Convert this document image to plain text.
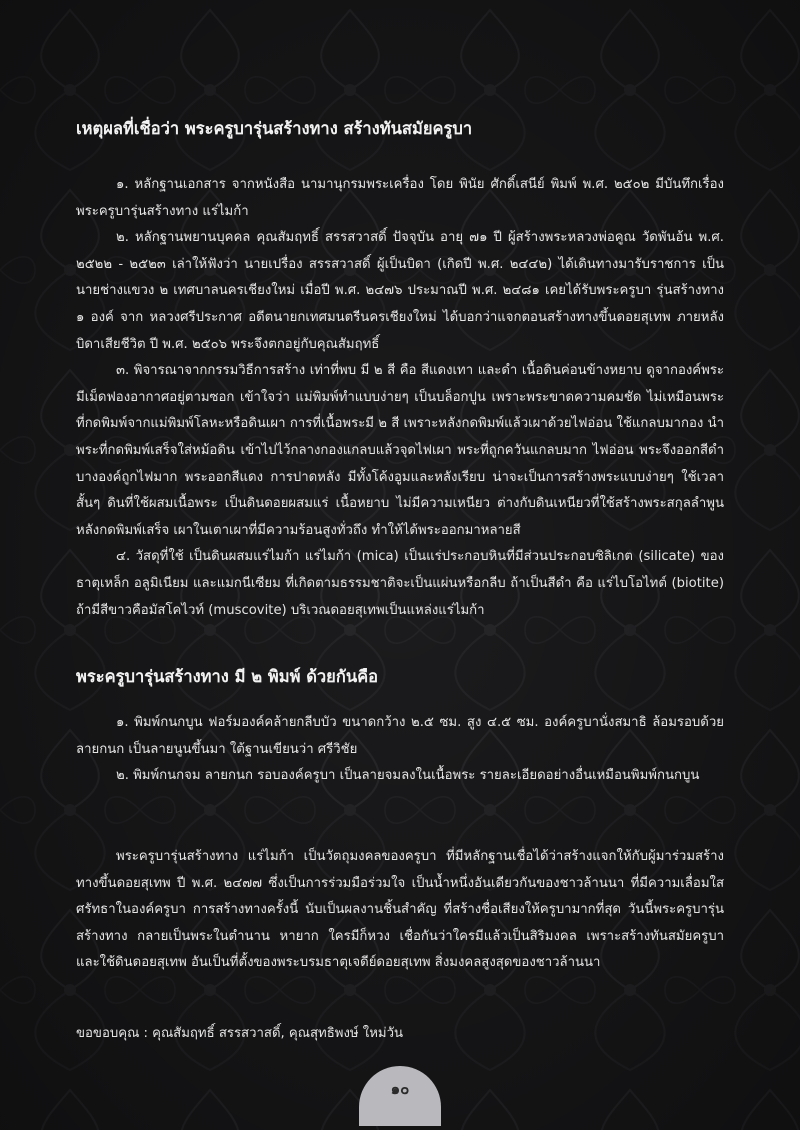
เหตุผลที่เชื่อว่า พระครูบารุ่นสร้างทาง สร้างทันสมัยครูบา

๑. หลักฐานเอกสาร จากหนังสือ นามานุกรมพระเครื่อง โดย พินัย ศักดิ์เสนีย์ พิมพ์ พ.ศ. ๒๕๐๒ มีบันทึกเรื่อง พระครูบารุ่นสร้างทาง แร่ไมก้า

๒. หลักฐานพยานบุคคล คุณสัมฤทธิ์ สรรสวาสดิ์ ปัจจุบัน อายุ ๗๑ ปี ผู้สร้างพระหลวงพ่อคูณ วัดพันอ้น พ.ศ. ๒๕๒๒ - ๒๕๒๓ เล่าให้ฟังว่า นายเปรื่อง สรรสวาสดิ์ ผู้เป็นบิดา (เกิดปี พ.ศ. ๒๔๔๒) ได้เดินทางมารับราชการ เป็นนายช่างแขวง ๒ เทศบาลนครเชียงใหม่ เมื่อปี พ.ศ. ๒๔๗๖ ประมาณปี พ.ศ. ๒๔๘๑ เคยได้รับพระครูบา รุ่นสร้างทาง ๑ องค์ จาก หลวงศรีประกาศ อดีตนายกเทศมนตรีนครเชียงใหม่ ได้บอกว่าแจกตอนสร้างทางขึ้นดอยสุเทพ ภายหลังบิดาเสียชีวิต ปี พ.ศ. ๒๕๐๖ พระจึงตกอยู่กับคุณสัมฤทธิ์

๓. พิจารณาจากกรรมวิธีการสร้าง เท่าที่พบ มี ๒ สี คือ สีแดงเทา และดำ เนื้อดินค่อนข้างหยาบ ดูจากองค์พระ มีเม็ดฟองอากาศอยู่ตามซอก เข้าใจว่า แม่พิมพ์ทำแบบง่ายๆ เป็นบล็อกปูน เพราะพระขาดความคมชัด ไม่เหมือนพระที่กดพิมพ์จากแม่พิมพ์โลหะหรือดินเผา การที่เนื้อพระมี ๒ สี เพราะหลังกดพิมพ์แล้วเผาด้วยไฟอ่อน ใช้แกลบมากอง นำพระที่กดพิมพ์เสร็จใส่หม้อดิน เข้าไปไว้กลางกองแกลบแล้วจุดไฟเผา พระที่ถูกควันแกลบมาก ไฟอ่อน พระจึงออกสีดำ บางองค์ถูกไฟมาก พระออกสีแดง การปาดหลัง มีทั้งโค้งอูมและหลังเรียบ น่าจะเป็นการสร้างพระแบบง่ายๆ ใช้เวลาสั้นๆ ดินที่ใช้ผสมเนื้อพระ เป็นดินดอยผสมแร่ เนื้อหยาบ ไม่มีความเหนียว ต่างกับดินเหนียวที่ใช้สร้างพระสกุลลำพูน หลังกดพิมพ์เสร็จ เผาในเตาเผาที่มีความร้อนสูงทั่วถึง ทำให้ได้พระออกมาหลายสี

๔. วัสดุที่ใช้ เป็นดินผสมแร่ไมก้า แร่ไมก้า (mica) เป็นแร่ประกอบหินที่มีส่วนประกอบซิลิเกต (silicate) ของธาตุเหล็ก อลูมิเนียม และแมกนีเซียม ที่เกิดตามธรรมชาติจะเป็นแผ่นหรือกลีบ ถ้าเป็นสีดำ คือ แร่ไบโอไทต์ (biotite) ถ้ามีสีขาวคือมัสโคไวท์ (muscovite) บริเวณดอยสุเทพเป็นแหล่งแร่ไมก้า

พระครูบารุ่นสร้างทาง มี ๒ พิมพ์ ด้วยกันคือ

๑. พิมพ์กนกบูน ฟอร์มองค์คล้ายกลีบบัว ขนาดกว้าง ๒.๕ ซม. สูง ๔.๕ ซม. องค์ครูบานั่งสมาธิ ล้อมรอบด้วยลายกนก เป็นลายนูนขึ้นมา ใต้ฐานเขียนว่า ศรีวิชัย

๒. พิมพ์กนกจม ลายกนก รอบองค์ครูบา เป็นลายจมลงในเนื้อพระ รายละเอียดอย่างอื่นเหมือนพิมพ์กนกบูน

พระครูบารุ่นสร้างทาง แร่ไมก้า เป็นวัตถุมงคลของครูบา ที่มีหลักฐานเชื่อได้ว่าสร้างแจกให้กับผู้มาร่วมสร้างทางขึ้นดอยสุเทพ ปี พ.ศ. ๒๔๗๗ ซึ่งเป็นการร่วมมือร่วมใจ เป็นน้ำหนึ่งอันเดียวกันของชาวล้านนา ที่มีความเลื่อมใสศรัทธาในองค์ครูบา การสร้างทางครั้งนี้ นับเป็นผลงานชิ้นสำคัญ ที่สร้างชื่อเสียงให้ครูบามากที่สุด วันนี้พระครูบารุ่นสร้างทาง กลายเป็นพระในตำนาน หายาก ใครมีก็หวง เชื่อกันว่าใครมีแล้วเป็นสิริมงคล เพราะสร้างทันสมัยครูบา และใช้ดินดอยสุเทพ อันเป็นที่ตั้งของพระบรมธาตุเจดีย์ดอยสุเทพ สิ่งมงคลสูงสุดของชาวล้านนา

ขอขอบคุณ : คุณสัมฤทธิ์ สรรสวาสดิ์, คุณสุทธิพงษ์ ใหม่วัน
๑๐
